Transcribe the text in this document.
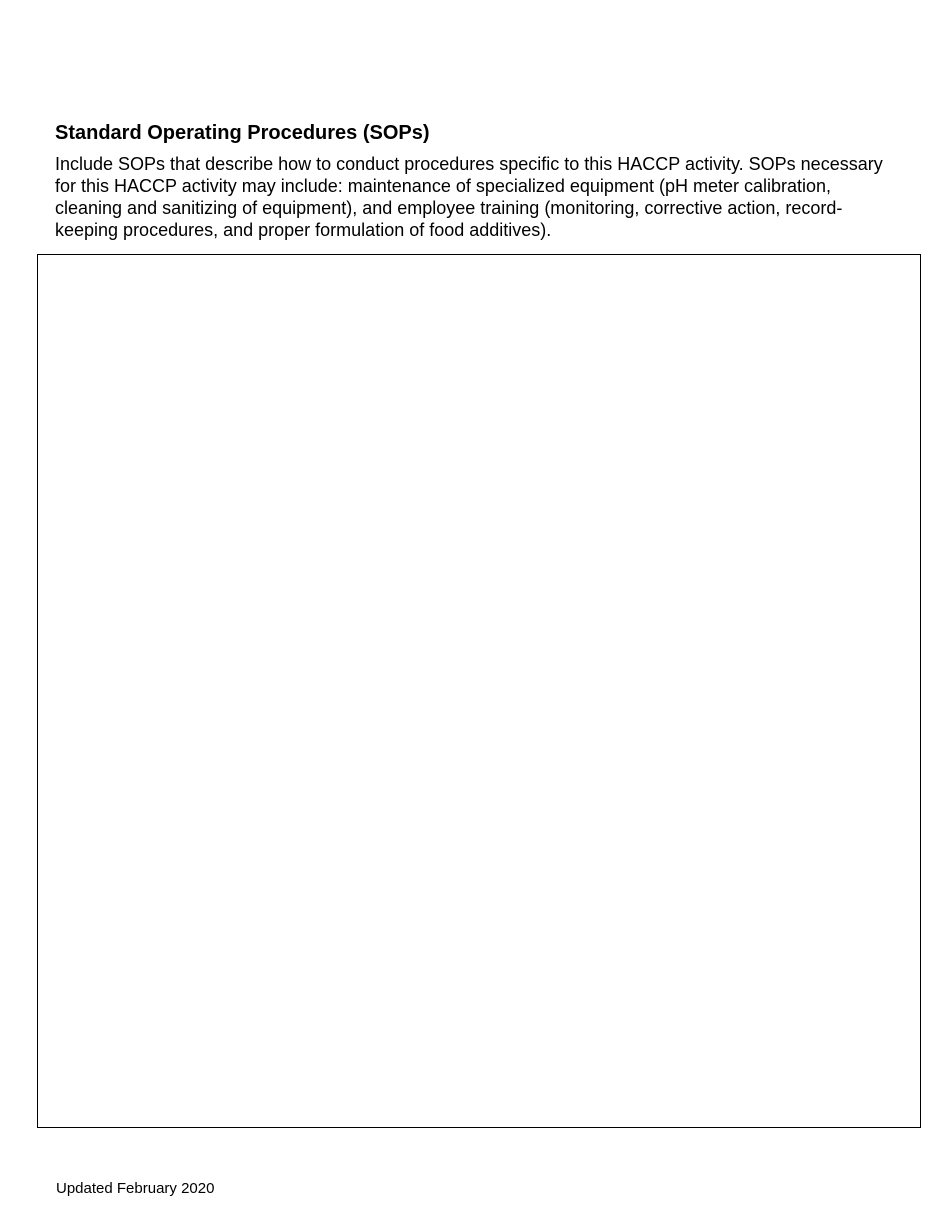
Standard Operating Procedures (SOPs)

Include SOPs that describe how to conduct procedures specific to this HACCP activity. SOPs necessary for this HACCP activity may include: maintenance of specialized equipment (pH meter calibration, cleaning and sanitizing of equipment), and employee training (monitoring, corrective action, record-keeping procedures, and proper formulation of food additives).

Updated February 2020
